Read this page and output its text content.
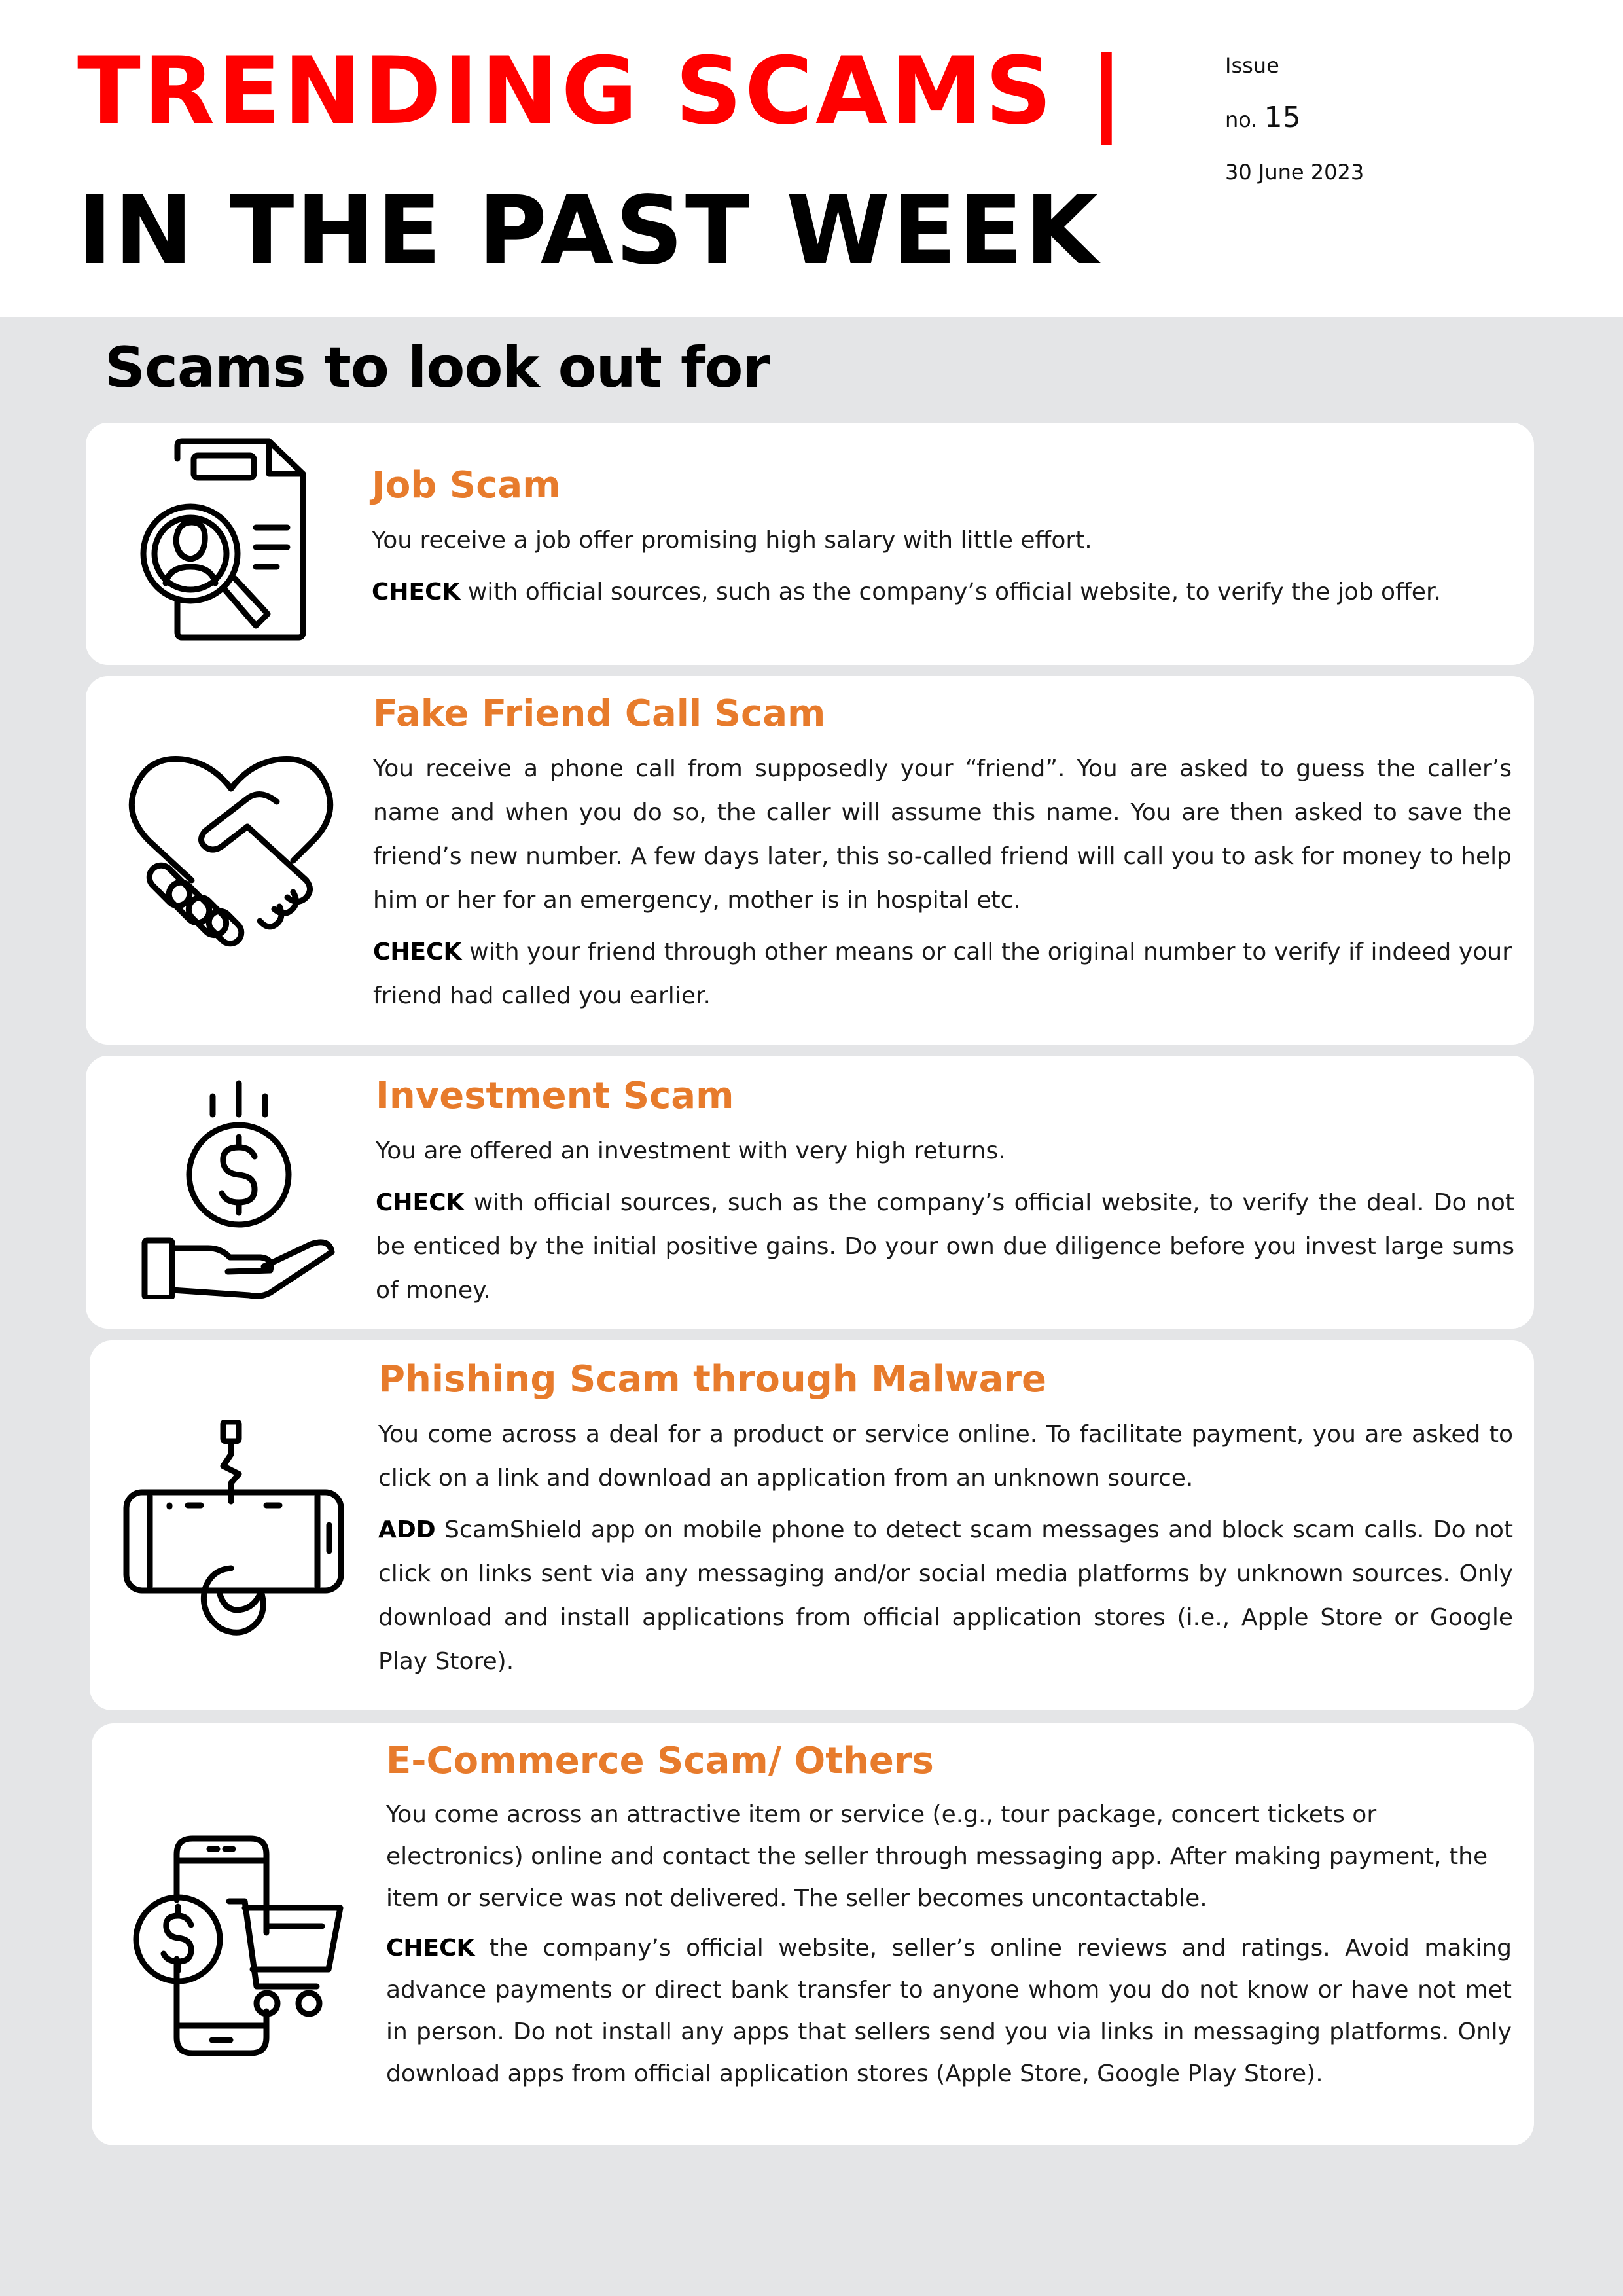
TRENDING SCAMS |
IN THE PAST WEEK
Issue
no. 15
30 June 2023
Scams to look out for
Job Scam

You receive a job offer promising high salary with little effort.

CHECK with official sources, such as the company’s official website, to verify the job offer.

Fake Friend Call Scam

You receive a phone call from supposedly your “friend”. You are asked to guess the caller’s name and when you do so, the caller will assume this name. You are then asked to save the friend’s new number. A few days later, this so-called friend will call you to ask for money to help him or her for an emergency, mother is in hospital etc.

CHECK with your friend through other means or call the original number to verify if indeed your friend had called you earlier.

Investment Scam

You are offered an investment with very high returns.

CHECK with official sources, such as the company’s official website, to verify the deal. Do not be enticed by the initial positive gains. Do your own due diligence before you invest large sums of money.

Phishing Scam through Malware

You come across a deal for a product or service online. To facilitate payment, you are asked to click on a link and download an application from an unknown source.

ADD ScamShield app on mobile phone to detect scam messages and block scam calls. Do not click on links sent via any messaging and/or social media platforms by unknown sources. Only download and install applications from official application stores (i.e., Apple Store or Google Play Store).

E-Commerce Scam/ Others

You come across an attractive item or service (e.g., tour package, concert tickets or electronics) online and contact the seller through messaging app. After making payment, the item or service was not delivered. The seller becomes uncontactable.

CHECK the company’s official website, seller’s online reviews and ratings. Avoid making advance payments or direct bank transfer to anyone whom you do not know or have not met in person. Do not install any apps that sellers send you via links in messaging platforms. Only download apps from official application stores (Apple Store, Google Play Store).
